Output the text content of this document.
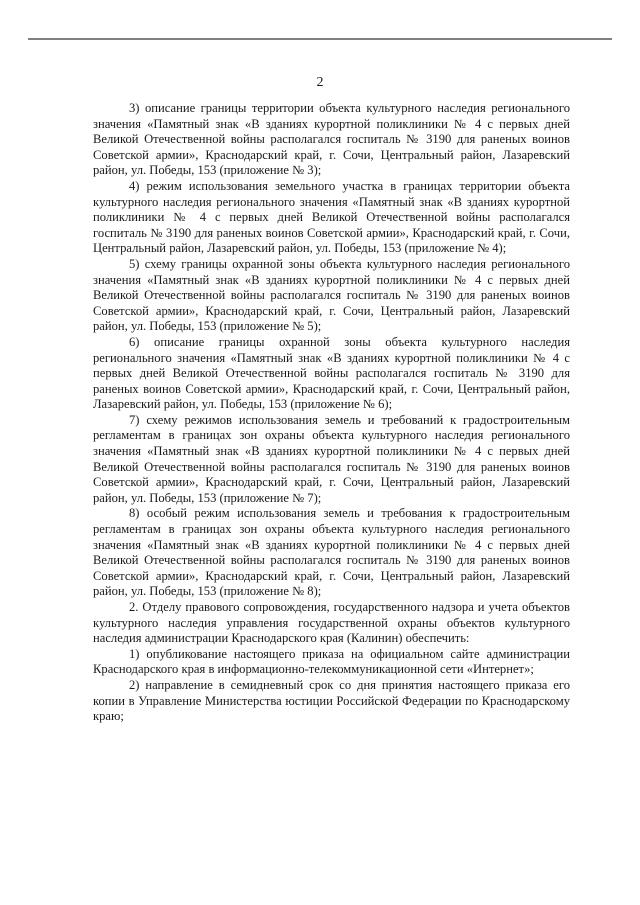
2

3) описание границы территории объекта культурного наследия регионального значения «Памятный знак «В зданиях курортной поликлиники № 4 с первых дней Великой Отечественной войны располагался госпиталь № 3190 для раненых воинов Советской армии», Краснодарский край, г. Сочи, Центральный район, Лазаревский район, ул. Победы, 153 (приложение № 3);

4) режим использования земельного участка в границах территории объекта культурного наследия регионального значения «Памятный знак «В зданиях курортной поликлиники № 4 с первых дней Великой Отечественной войны располагался госпиталь № 3190 для раненых воинов Советской армии», Краснодарский край, г. Сочи, Центральный район, Лазаревский район, ул. Победы, 153 (приложение № 4);

5) схему границы охранной зоны объекта культурного наследия регионального значения «Памятный знак «В зданиях курортной поликлиники № 4 с первых дней Великой Отечественной войны располагался госпиталь № 3190 для раненых воинов Советской армии», Краснодарский край, г. Сочи, Центральный район, Лазаревский район, ул. Победы, 153 (приложение № 5);

6) описание границы охранной зоны объекта культурного наследия регионального значения «Памятный знак «В зданиях курортной поликлиники № 4 с первых дней Великой Отечественной войны располагался госпиталь № 3190 для раненых воинов Советской армии», Краснодарский край, г. Сочи, Центральный район, Лазаревский район, ул. Победы, 153 (приложение № 6);

7) схему режимов использования земель и требований к градостроительным регламентам в границах зон охраны объекта культурного наследия регионального значения «Памятный знак «В зданиях курортной поликлиники № 4 с первых дней Великой Отечественной войны располагался госпиталь № 3190 для раненых воинов Советской армии», Краснодарский край, г. Сочи, Центральный район, Лазаревский район, ул. Победы, 153 (приложение № 7);

8) особый режим использования земель и требования к градостроительным регламентам в границах зон охраны объекта культурного наследия регионального значения «Памятный знак «В зданиях курортной поликлиники № 4 с первых дней Великой Отечественной войны располагался госпиталь № 3190 для раненых воинов Советской армии», Краснодарский край, г. Сочи, Центральный район, Лазаревский район, ул. Победы, 153 (приложение № 8);

2. Отделу правового сопровождения, государственного надзора и учета объектов культурного наследия управления государственной охраны объектов культурного наследия администрации Краснодарского края (Калинин) обеспечить:

1) опубликование настоящего приказа на официальном сайте администрации Краснодарского края в информационно-телекоммуникационной сети «Интернет»;

2) направление в семидневный срок со дня принятия настоящего приказа его копии в Управление Министерства юстиции Российской Федерации по Краснодарскому краю;
